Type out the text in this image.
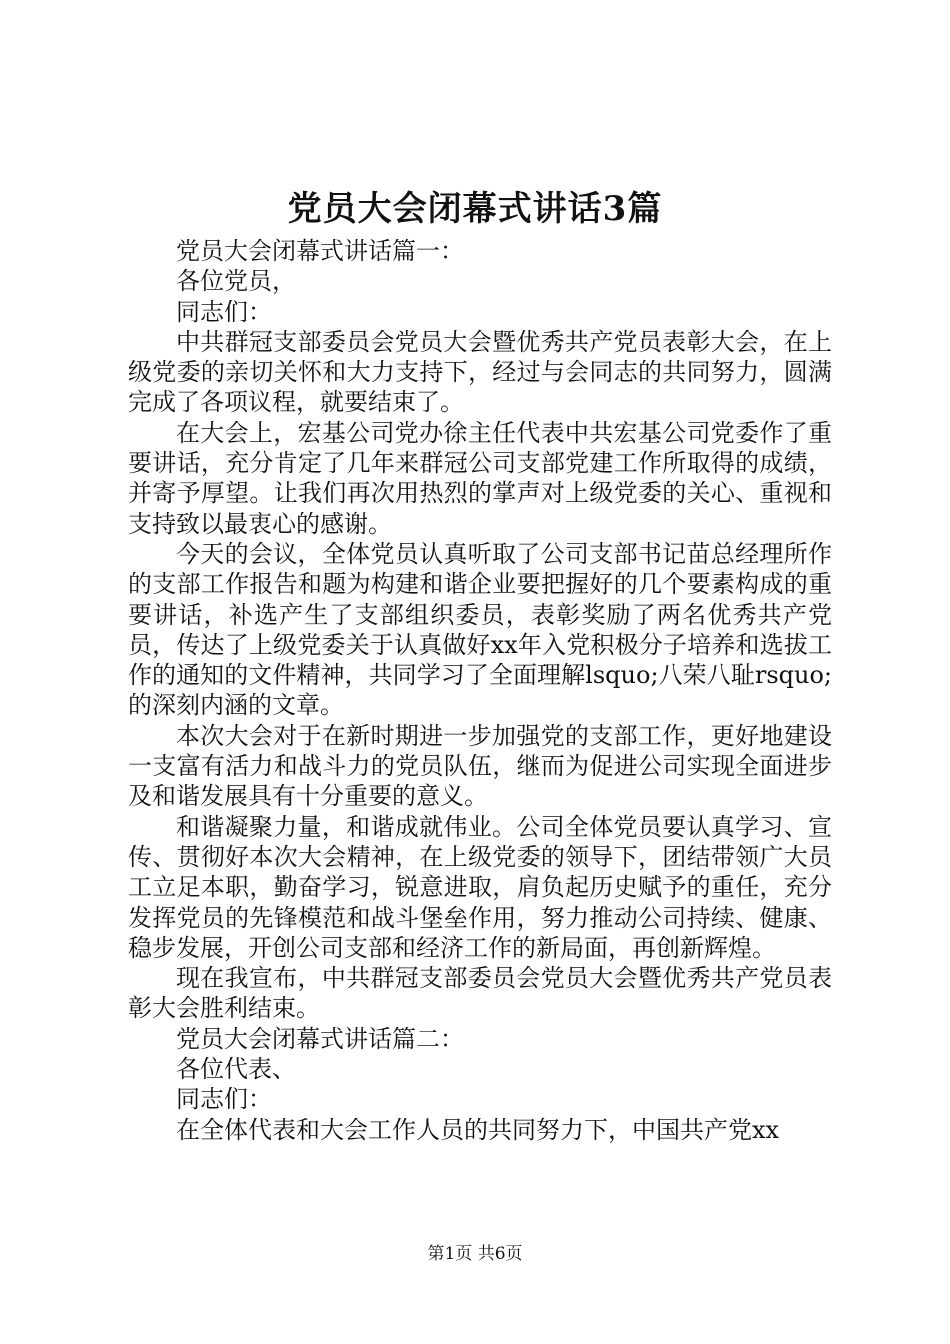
党员大会闭幕式讲话3篇

党员大会闭幕式讲话篇一：

各位党员，

同志们：

中共群冠支部委员会党员大会暨优秀共产党员表彰大会，在上级党委的亲切关怀和大力支持下，经过与会同志的共同努力，圆满完成了各项议程，就要结束了。

在大会上，宏基公司党办徐主任代表中共宏基公司党委作了重要讲话，充分肯定了几年来群冠公司支部党建工作所取得的成绩，并寄予厚望。让我们再次用热烈的掌声对上级党委的关心、重视和支持致以最衷心的感谢。

今天的会议，全体党员认真听取了公司支部书记苗总经理所作的支部工作报告和题为构建和谐企业要把握好的几个要素构成的重要讲话，补选产生了支部组织委员，表彰奖励了两名优秀共产党员，传达了上级党委关于认真做好xx年入党积极分子培养和选拔工作的通知的文件精神，共同学习了全面理解lsquo;八荣八耻rsquo;的深刻内涵的文章。

本次大会对于在新时期进一步加强党的支部工作，更好地建设一支富有活力和战斗力的党员队伍，继而为促进公司实现全面进步及和谐发展具有十分重要的意义。

和谐凝聚力量，和谐成就伟业。公司全体党员要认真学习、宣传、贯彻好本次大会精神，在上级党委的领导下，团结带领广大员工立足本职，勤奋学习，锐意进取，肩负起历史赋予的重任，充分发挥党员的先锋模范和战斗堡垒作用，努力推动公司持续、健康、稳步发展，开创公司支部和经济工作的新局面，再创新辉煌。

现在我宣布，中共群冠支部委员会党员大会暨优秀共产党员表彰大会胜利结束。

党员大会闭幕式讲话篇二：

各位代表、

同志们：

在全体代表和大会工作人员的共同努力下，中国共产党xx

第1页 共6页
